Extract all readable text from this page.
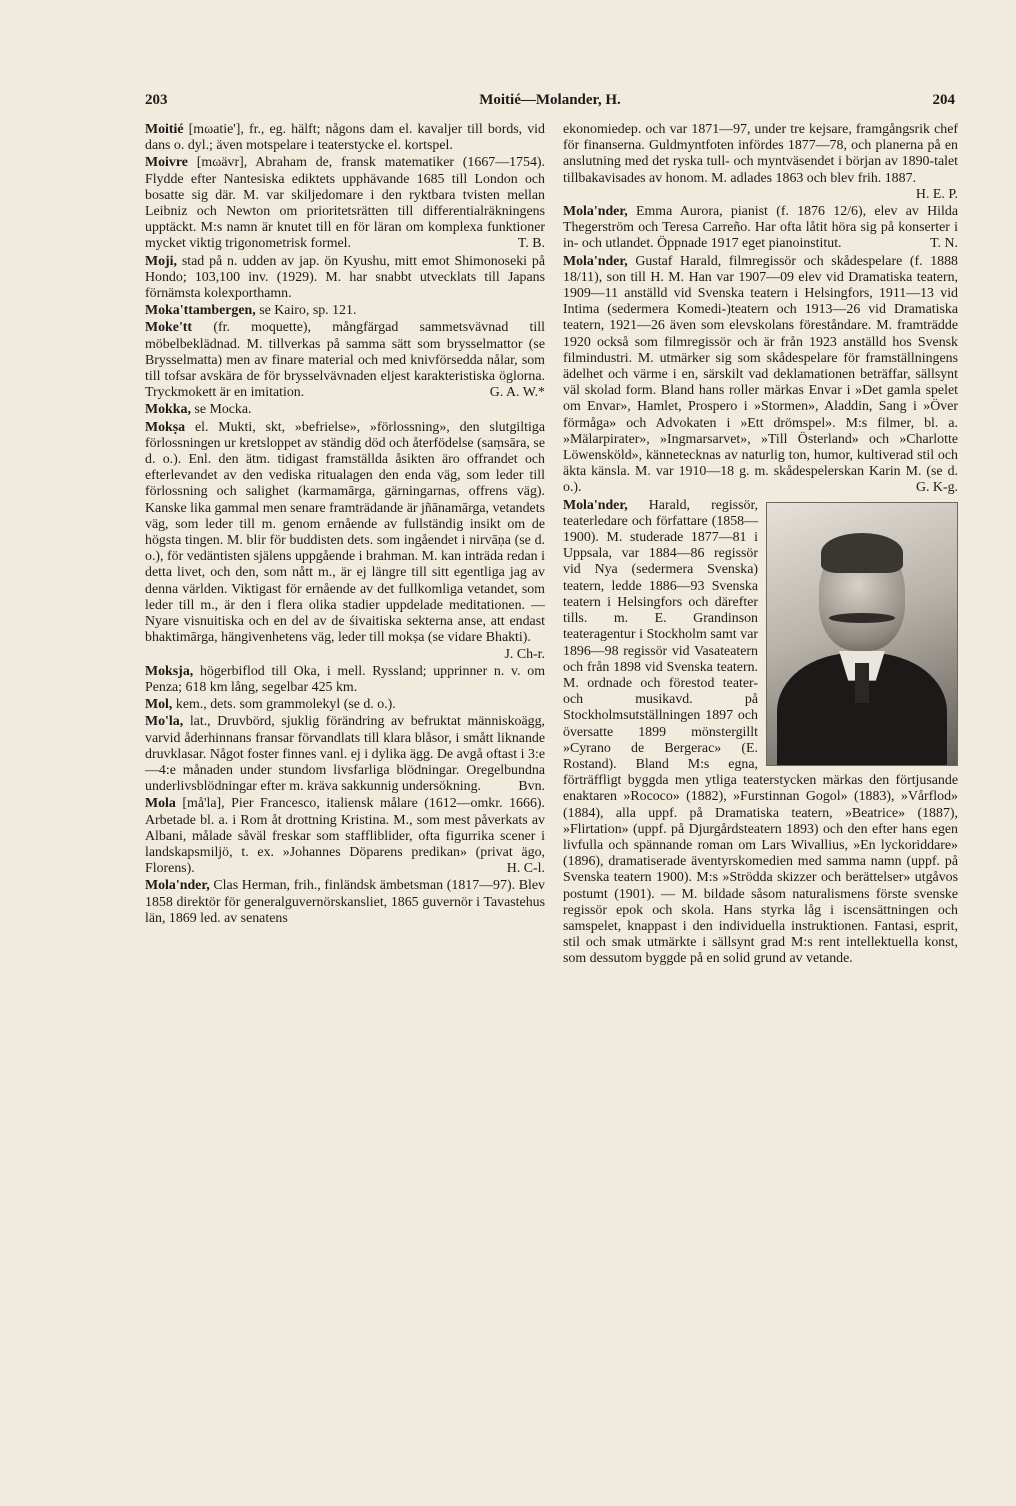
203	Moitié—Molander, H.	204

Moitié [mωatie'], fr., eg. hälft; någons dam el. kavaljer till bords, vid dans o. dyl.; även motspelare i teaterstycke el. kortspel.

Moivre [mωävr], Abraham de, fransk matematiker (1667—1754). Flydde efter Nantesiska ediktets upphävande 1685 till London och bosatte sig där. M. var skiljedomare i den ryktbara tvisten mellan Leibniz och Newton om prioritetsrätten till differentialräkningens upptäckt. M:s namn är knutet till en för läran om komplexa funktioner mycket viktig trigonometrisk formel.	T. B.

Moji, stad på n. udden av jap. ön Kyushu, mitt emot Shimonoseki på Hondo; 103,100 inv. (1929). M. har snabbt utvecklats till Japans förnämsta kolexporthamn.

Moka'ttambergen, se Kairo, sp. 121.

Moke'tt (fr. moquette), mångfärgad sammetsvävnad till möbelbeklädnad. M. tillverkas på samma sätt som brysselmattor (se Brysselmatta) men av finare material och med knivförsedda nålar, som till tofsar avskära de för brysselvävnaden eljest karakteristiska öglorna. Tryckmokett är en imitation.	G. A. W.*

Mokka, se Mocka.

Mokṣa el. Mukti, skt, »befrielse», »förlossning», den slutgiltiga förlossningen ur kretsloppet av ständig död och återfödelse (saṃsāra, se d. o.). Enl. den ätm. tidigast framställda åsikten äro offrandet och efterlevandet av den vediska ritualagen den enda väg, som leder till förlossning och salighet (karmamārga, gärningarnas, offrens väg). Kanske lika gammal men senare framträdande är jñānamārga, vetandets väg, som leder till m. genom ernående av fullständig insikt om de högsta tingen. M. blir för buddisten dets. som ingåendet i nirvāṇa (se d. o.), för vedäntisten själens uppgående i brahman. M. kan inträda redan i detta livet, och den, som nått m., är ej längre till sitt egentliga jag av denna världen. Viktigast för ernående av det fullkomliga vetandet, som leder till m., är den i flera olika stadier uppdelade meditationen. — Nyare visnuitiska och en del av de śivaitiska sekterna anse, att endast bhaktimārga, hängivenhetens väg, leder till mokṣa (se vidare Bhakti).
J. Ch-r.

Moksja, högerbiflod till Oka, i mell. Ryssland; upprinner n. v. om Penza; 618 km lång, segelbar 425 km.

Mol, kem., dets. som grammolekyl (se d. o.).

Mo'la, lat., Druvbörd, sjuklig förändring av befruktat människoägg, varvid åderhinnans fransar förvandlats till klara blåsor, i smått liknande druvklasar. Något foster finnes vanl. ej i dylika ägg. De avgå oftast i 3:e—4:e månaden under stundom livsfarliga blödningar. Oregelbundna underlivsblödningar efter m. kräva sakkunnig undersökning.	Bvn.

Mola [må'la], Pier Francesco, italiensk målare (1612—omkr. 1666). Arbetade bl. a. i Rom åt drottning Kristina. M., som mest påverkats av Albani, målade såväl freskar som staffliblider, ofta figurrika scener i landskapsmiljö, t. ex. »Johannes Döparens predikan» (privat ägo, Florens).	H. C-l.

Mola'nder, Clas Herman, frih., finländsk ämbetsman (1817—97). Blev 1858 direktör för generalguvernörskansliet, 1865 guvernör i Tavastehus län, 1869 led. av senatens

ekonomiedep. och var 1871—97, under tre kejsare, framgångsrik chef för finanserna. Guldmyntfoten infördes 1877—78, och planerna på en anslutning med det ryska tull- och myntväsendet i början av 1890-talet tillbakavisades av honom. M. adlades 1863 och blev frih. 1887.
H. E. P.

Mola'nder, Emma Aurora, pianist (f. 1876 12/6), elev av Hilda Thegerström och Teresa Carreño. Har ofta låtit höra sig på konserter i in- och utlandet. Öppnade 1917 eget pianoinstitut.	T. N.

Mola'nder, Gustaf Harald, filmregissör och skådespelare (f. 1888 18/11), son till H. M. Han var 1907—09 elev vid Dramatiska teatern, 1909—11 anställd vid Svenska teatern i Helsingfors, 1911—13 vid Intima (sedermera Komedi-)teatern och 1913—26 vid Dramatiska teatern, 1921—26 även som elevskolans föreståndare. M. framträdde 1920 också som filmregissör och är från 1923 anställd hos Svensk filmindustri. M. utmärker sig som skådespelare för framställningens ädelhet och värme i en, särskilt vad deklamationen beträffar, sällsynt väl skolad form. Bland hans roller märkas Envar i »Det gamla spelet om Envar», Hamlet, Prospero i »Stormen», Aladdin, Sang i »Över förmåga» och Advokaten i »Ett drömspel». M:s filmer, bl. a. »Mälarpirater», »Ingmarsarvet», »Till Österland» och »Charlotte Löwensköld», kännetecknas av naturlig ton, humor, kultiverad stil och äkta känsla. M. var 1910—18 g. m. skådespelerskan Karin M. (se d. o.).	G. K-g.

Mola'nder, Harald, regissör, teaterledare och författare (1858—1900). M. studerade 1877—81 i Uppsala, var 1884—86 regissör vid Nya (sedermera Svenska) teatern, ledde 1886—93 Svenska teatern i Helsingfors och därefter tills. m. E. Grandinson teateragentur i Stockholm samt var 1896—98 regissör vid Vasateatern och från 1898 vid Svenska teatern. M. ordnade och förestod teater- och musikavd. på Stockholmsutställningen 1897 och översatte 1899 mönstergillt »Cyrano de Bergerac» (E. Rostand). Bland M:s egna, förträffligt byggda men ytliga teaterstycken märkas den förtjusande enaktaren »Rococo» (1882), »Furstinnan Gogol» (1883), »Vårflod» (1884), alla uppf. på Dramatiska teatern, »Beatrice» (1887), »Flirtation» (uppf. på Djurgårdsteatern 1893) och den efter hans egen livfulla och spännande roman om Lars Wivallius, »En lyckoriddare» (1896), dramatiserade äventyrskomedien med samma namn (uppf. på Svenska teatern 1900). M:s »Strödda skizzer och berättelser» utgåvos postumt (1901). — M. bildade såsom naturalismens förste svenske regissör epok och skola. Hans styrka låg i iscensättningen och samspelet, knappast i den individuella instruktionen. Fantasi, esprit, stil och smak utmärkte i sällsynt grad M:s rent intellektuella konst, som dessutom byggde på en solid grund av vetande.
